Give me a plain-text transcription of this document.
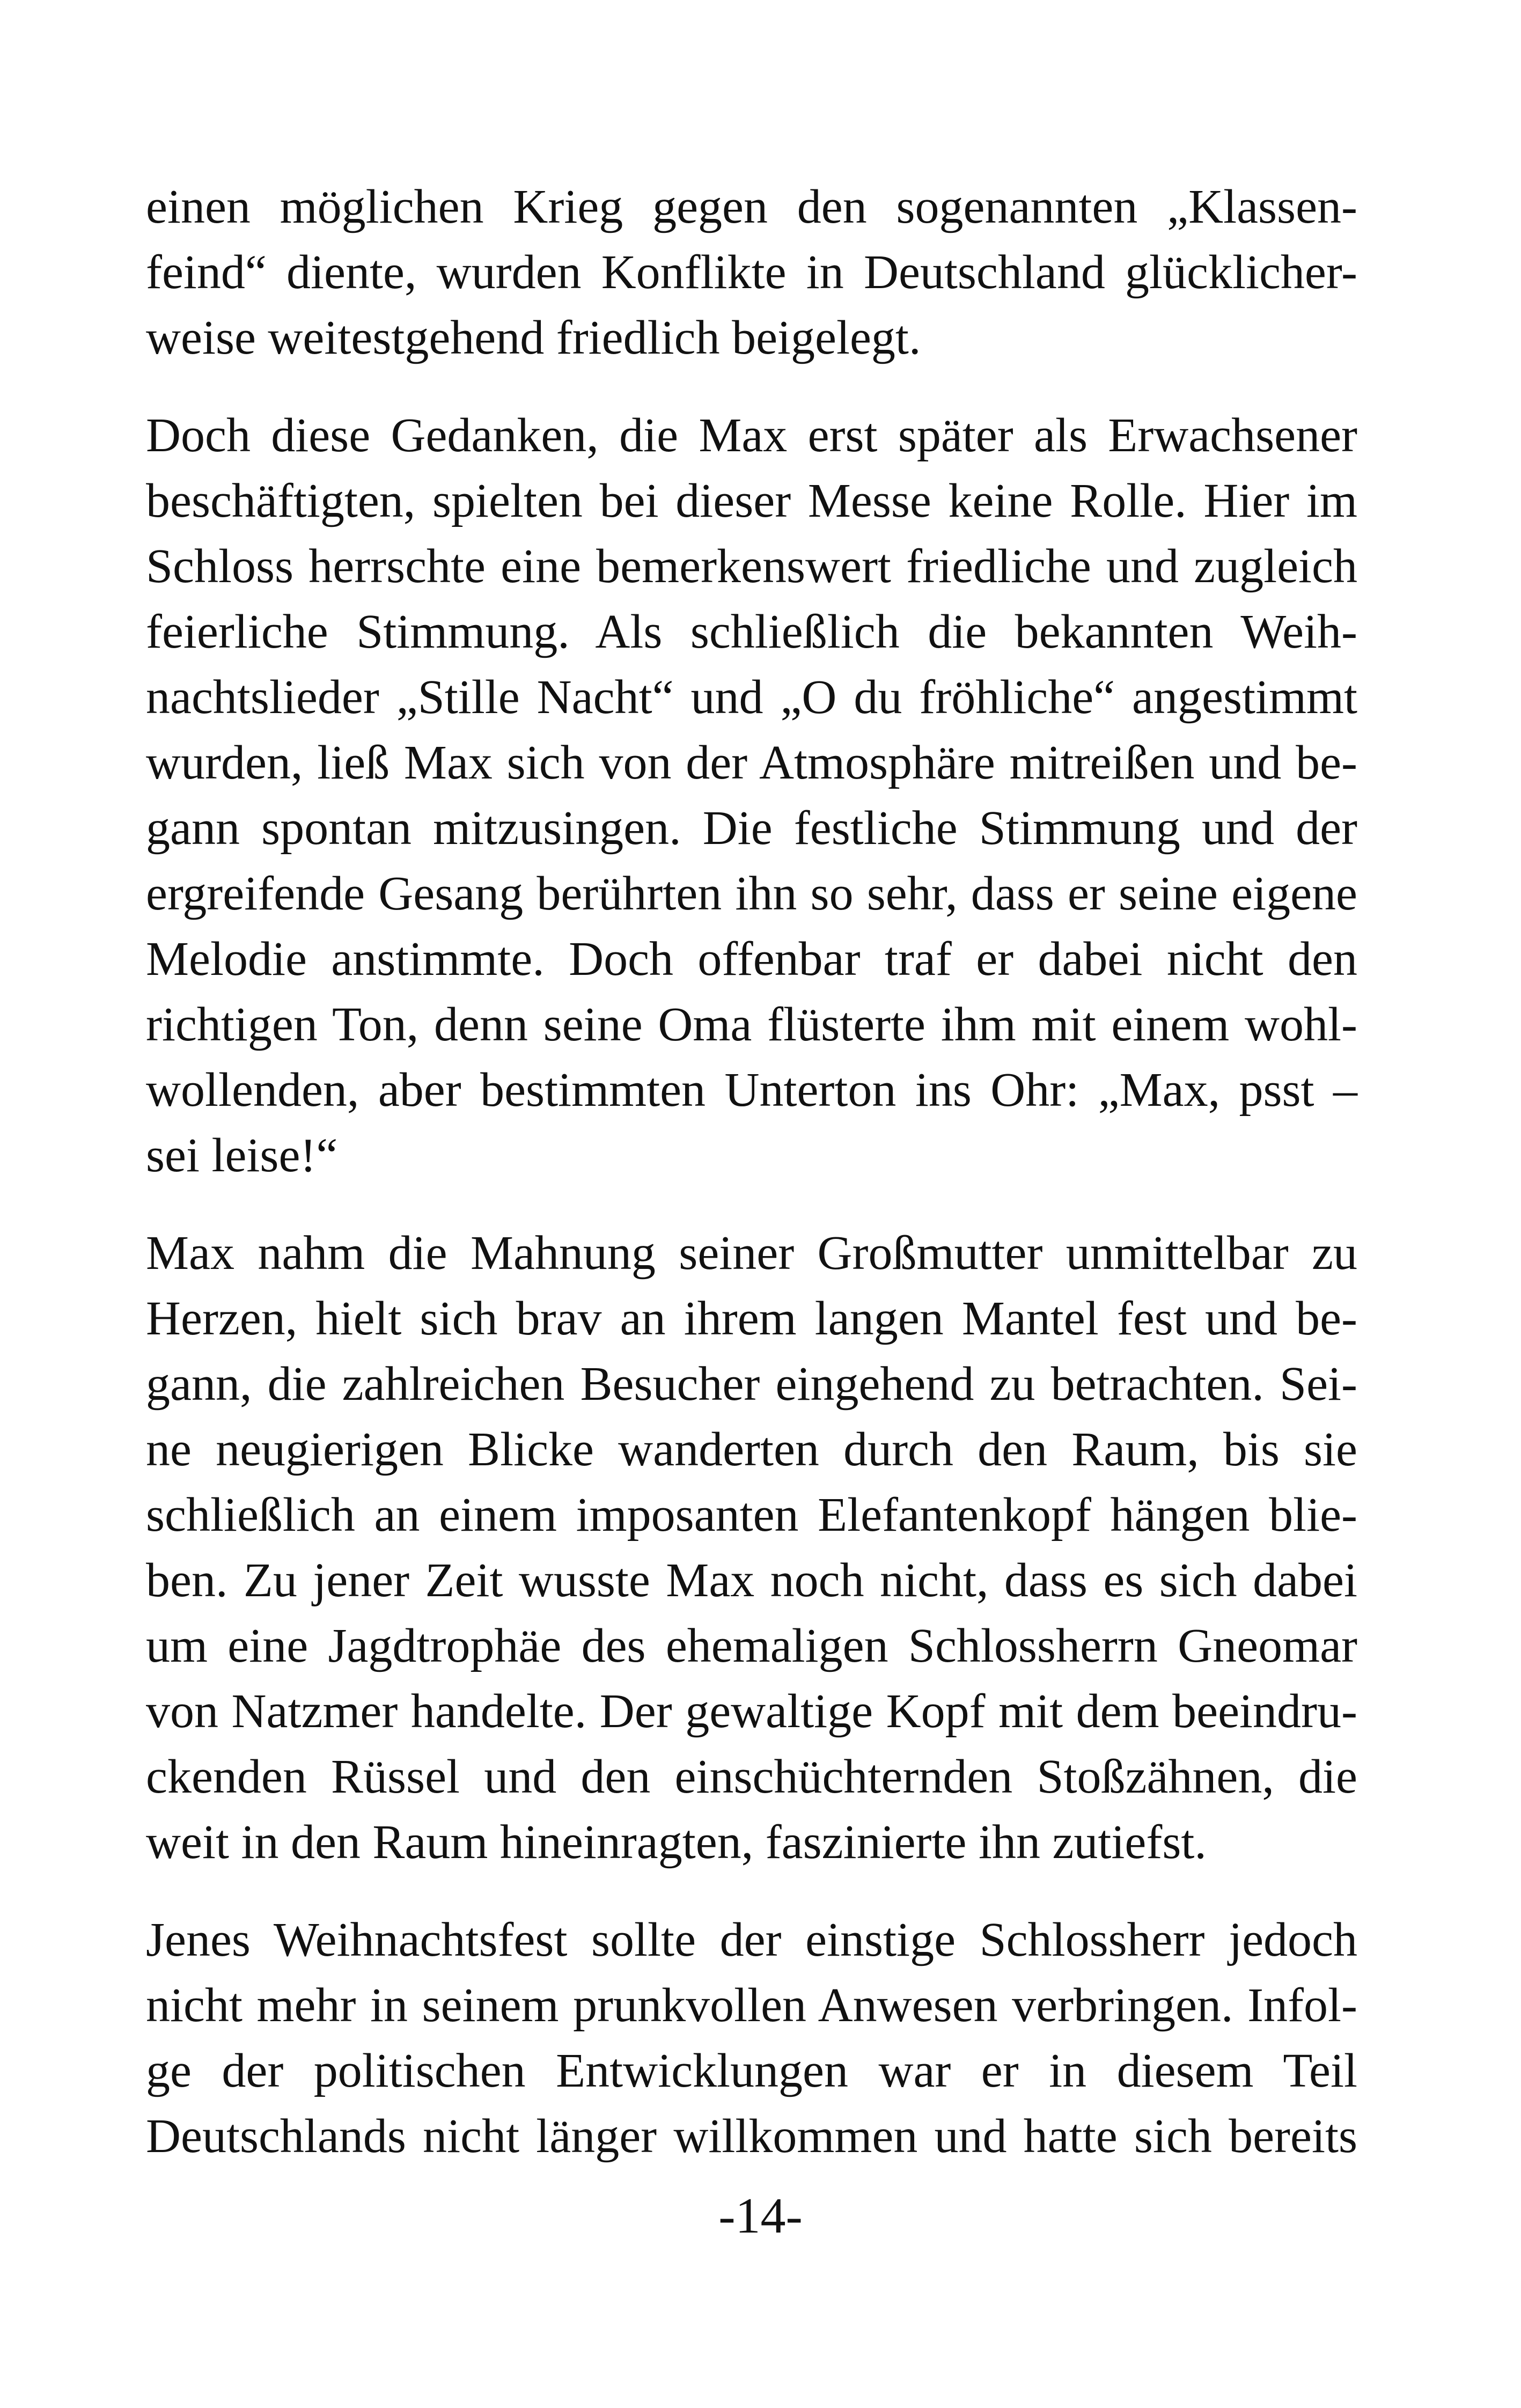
einen möglichen Krieg gegen den sogenannten „Klassen-
feind“ diente, wurden Konflikte in Deutschland glücklicher-
weise weitestgehend friedlich beigelegt.
Doch diese Gedanken, die Max erst später als Erwachsener
beschäftigten, spielten bei dieser Messe keine Rolle. Hier im
Schloss herrschte eine bemerkenswert friedliche und zugleich
feierliche Stimmung. Als schließlich die bekannten Weih-
nachtslieder „Stille Nacht“ und „O du fröhliche“ angestimmt
wurden, ließ Max sich von der Atmosphäre mitreißen und be-
gann spontan mitzusingen. Die festliche Stimmung und der
ergreifende Gesang berührten ihn so sehr, dass er seine eigene
Melodie anstimmte. Doch offenbar traf er dabei nicht den
richtigen Ton, denn seine Oma flüsterte ihm mit einem wohl-
wollenden, aber bestimmten Unterton ins Ohr: „Max, psst –
sei leise!“
Max nahm die Mahnung seiner Großmutter unmittelbar zu
Herzen, hielt sich brav an ihrem langen Mantel fest und be-
gann, die zahlreichen Besucher eingehend zu betrachten. Sei-
ne neugierigen Blicke wanderten durch den Raum, bis sie
schließlich an einem imposanten Elefantenkopf hängen blie-
ben. Zu jener Zeit wusste Max noch nicht, dass es sich dabei
um eine Jagdtrophäe des ehemaligen Schlossherrn Gneomar
von Natzmer handelte. Der gewaltige Kopf mit dem beeindru-
ckenden Rüssel und den einschüchternden Stoßzähnen, die
weit in den Raum hineinragten, faszinierte ihn zutiefst.
Jenes Weihnachtsfest sollte der einstige Schlossherr jedoch
nicht mehr in seinem prunkvollen Anwesen verbringen. Infol-
ge der politischen Entwicklungen war er in diesem Teil
Deutschlands nicht länger willkommen und hatte sich bereits
-14-
